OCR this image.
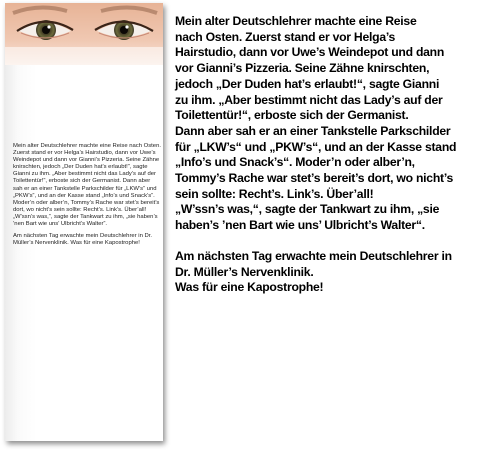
Mein alter Deutschlehrer machte eine Reise nach Osten. Zuerst stand er vor Helga’s Hairstudio, dann vor Uwe’s Weindepot und dann vor Gianni’s Pizzeria. Seine Zähne knirschten, jedoch „Der Duden hat’s erlaubt!“, sagte Gianni zu ihm. „Aber bestimmt nicht das Lady’s auf der Toilettentür!“, erboste sich der Germanist. Dann aber sah er an einer Tankstelle Parkschilder für „LKW’s“ und „PKW’s“, und an der Kasse stand „Info’s und Snack’s“. Moder’n oder alber’n, Tommy’s Rache war stet’s bereit’s dort, wo nicht’s sein sollte: Recht’s. Link’s. Über’all! „W’ssn’s was,“, sagte der Tankwart zu ihm, „sie haben’s ’nen Bart wie uns’ Ulbricht’s Walter“.

Am nächsten Tag erwachte mein Deutschlehrer in Dr. Müller’s Nervenklinik. Was für eine Kapostrophe!

Mein alter Deutschlehrer machte eine Reise
nach Osten. Zuerst stand er vor Helga’s
Hairstudio, dann vor Uwe’s Weindepot und dann
vor Gianni’s Pizzeria. Seine Zähne knirschten,
jedoch „Der Duden hat’s erlaubt!“, sagte Gianni
zu ihm. „Aber bestimmt nicht das Lady’s auf der
Toilettentür!“, erboste sich der Germanist.
Dann aber sah er an einer Tankstelle Parkschilder
für „LKW’s“ und „PKW’s“, und an der Kasse stand
„Info’s und Snack’s“. Moder’n oder alber’n,
Tommy’s Rache war stet’s bereit’s dort, wo nicht’s
sein sollte: Recht’s. Link’s. Über’all!
„W’ssn’s was,“, sagte der Tankwart zu ihm, „sie
haben’s ’nen Bart wie uns’ Ulbricht’s Walter“.

Am nächsten Tag erwachte mein Deutschlehrer in
Dr. Müller’s Nervenklinik.
Was für eine Kapostrophe!
